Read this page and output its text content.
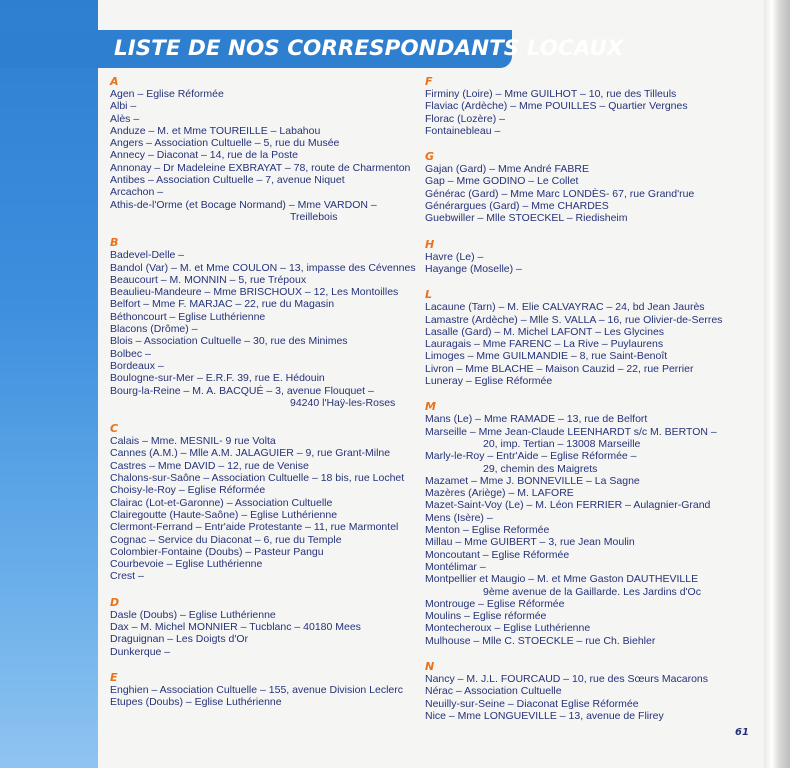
LISTE DE NOS CORRESPONDANTS LOCAUX
A
Agen – Eglise Réformée
Albi –
Alès –
Anduze – M. et Mme TOUREILLE – Labahou
Angers – Association Cultuelle – 5, rue du Musée
Annecy – Diaconat – 14, rue de la Poste
Annonay – Dr Madeleine EXBRAYAT – 78, route de Charmenton
Antibes – Association Cultuelle – 7, avenue Niquet
Arcachon –
Athis-de-l'Orme (et Bocage Normand) – Mme VARDON –
Treillebois
B
Badevel-Delle –
Bandol (Var) – M. et Mme COULON – 13, impasse des Cévennes
Beaucourt – M. MONNIN – 5, rue Trépoux
Beaulieu-Mandeure – Mme BRISCHOUX – 12, Les Montoilles
Belfort – Mme F. MARJAC – 22, rue du Magasin
Béthoncourt – Eglise Luthérienne
Blacons (Drôme) –
Blois – Association Cultuelle – 30, rue des Minimes
Bolbec –
Bordeaux –
Boulogne-sur-Mer – E.R.F. 39, rue E. Hédouin
Bourg-la-Reine – M. A. BACQUÉ – 3, avenue Flouquet –
94240 l'Haÿ-les-Roses
C
Calais – Mme. MESNIL- 9 rue Volta
Cannes (A.M.) – Mlle A.M. JALAGUIER – 9, rue Grant-Milne
Castres – Mme DAVID – 12, rue de Venise
Chalons-sur-Saône – Association Cultuelle – 18 bis, rue Lochet
Choisy-le-Roy – Eglise Réformée
Clairac (Lot-et-Garonne) – Association Cultuelle
Clairegoutte (Haute-Saône) – Eglise Luthérienne
Clermont-Ferrand – Entr'aide Protestante – 11, rue Marmontel
Cognac – Service du Diaconat – 6, rue du Temple
Colombier-Fontaine (Doubs) – Pasteur Pangu
Courbevoie – Eglise Luthérienne
Crest –
D
Dasle (Doubs) – Eglise Luthérienne
Dax – M. Michel MONNIER – Tucblanc – 40180 Mees
Draguignan – Les Doigts d'Or
Dunkerque –
E
Enghien – Association Cultuelle – 155, avenue Division Leclerc
Etupes (Doubs) – Eglise Luthérienne
F
Firminy (Loire) – Mme GUILHOT – 10, rue des Tilleuls
Flaviac (Ardèche) – Mme POUILLES – Quartier Vergnes
Florac (Lozère) –
Fontainebleau –
G
Gajan (Gard) – Mme André FABRE
Gap – Mme GODINO – Le Collet
Générac (Gard) – Mme Marc LONDÈS- 67, rue Grand'rue
Générargues (Gard) – Mme CHARDES
Guebwiller – Mlle STOECKEL – Riedisheim
H
Havre (Le) –
Hayange (Moselle) –
L
Lacaune (Tarn) – M. Elie CALVAYRAC – 24, bd Jean Jaurès
Lamastre (Ardèche) – Mlle S. VALLA – 16, rue Olivier-de-Serres
Lasalle (Gard) – M. Michel LAFONT – Les Glycines
Lauragais – Mme FARENC – La Rive – Puylaurens
Limoges – Mme GUILMANDIE – 8, rue Saint-Benoît
Livron – Mme BLACHE – Maison Cauzid – 22, rue Perrier
Luneray – Eglise Réformée
M
Mans (Le) – Mme RAMADE – 13, rue de Belfort
Marseille – Mme Jean-Claude LEENHARDT s/c M. BERTON –
20, imp. Tertian – 13008 Marseille
Marly-le-Roy – Entr'Aide – Eglise Réformée –
29, chemin des Maigrets
Mazamet – Mme J. BONNEVILLE – La Sagne
Mazères (Ariège) – M. LAFORE
Mazet-Saint-Voy (Le) – M. Léon FERRIER – Aulagnier-Grand
Mens (Isère) –
Menton – Eglise Reformée
Millau – Mme GUIBERT – 3, rue Jean Moulin
Moncoutant – Eglise Réformée
Montélimar –
Montpellier et Maugio – M. et Mme Gaston DAUTHEVILLE
9ème avenue de la Gaillarde. Les Jardins d'Oc
Montrouge – Eglise Réformée
Moulins – Eglise réformée
Montecheroux – Eglise Luthérienne
Mulhouse – Mlle C. STOECKLE – rue Ch. Biehler
N
Nancy – M. J.L. FOURCAUD – 10, rue des Sœurs Macarons
Nérac – Association Cultuelle
Neuilly-sur-Seine – Diaconat Eglise Réformée
Nice – Mme LONGUEVILLE – 13, avenue de Flirey
61
